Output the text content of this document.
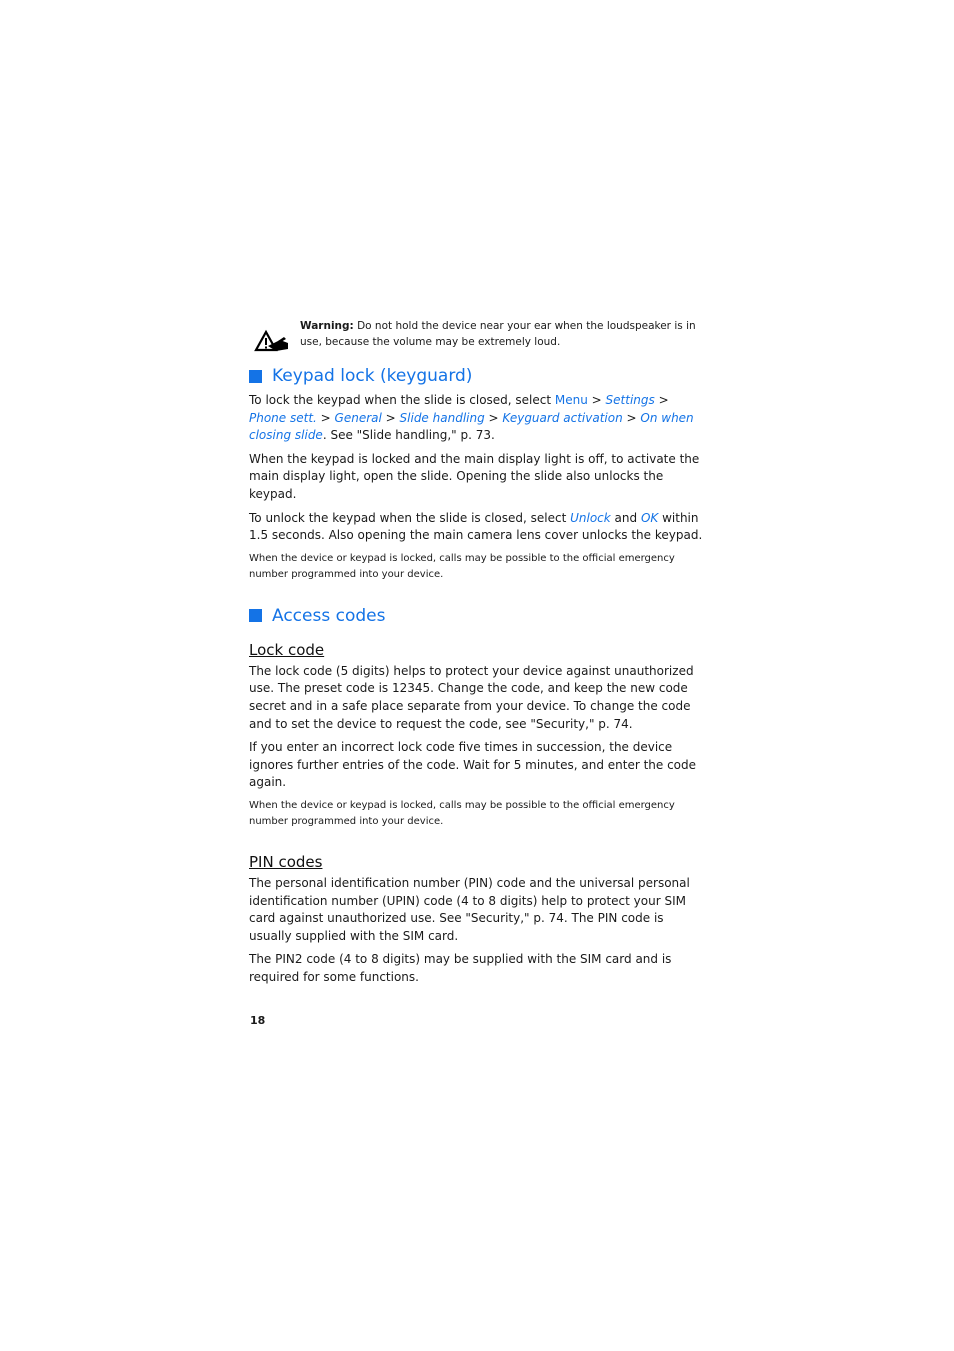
Warning: Do not hold the device near your ear when the loudspeaker is in use, because the volume may be extremely loud.
Keypad lock (keyguard)

To lock the keypad when the slide is closed, select Menu > Settings > Phone sett. > General > Slide handling > Keyguard activation > On when closing slide. See "Slide handling," p. 73.

When the keypad is locked and the main display light is off, to activate the main display light, open the slide. Opening the slide also unlocks the keypad.

To unlock the keypad when the slide is closed, select Unlock and OK within 1.5 seconds. Also opening the main camera lens cover unlocks the keypad.

When the device or keypad is locked, calls may be possible to the official emergency number programmed into your device.

Access codes
Lock code

The lock code (5 digits) helps to protect your device against unauthorized use. The preset code is 12345. Change the code, and keep the new code secret and in a safe place separate from your device. To change the code and to set the device to request the code, see "Security," p. 74.

If you enter an incorrect lock code five times in succession, the device ignores further entries of the code. Wait for 5 minutes, and enter the code again.

When the device or keypad is locked, calls may be possible to the official emergency number programmed into your device.

PIN codes

The personal identification number (PIN) code and the universal personal identification number (UPIN) code (4 to 8 digits) help to protect your SIM card against unauthorized use. See "Security," p. 74. The PIN code is usually supplied with the SIM card.

The PIN2 code (4 to 8 digits) may be supplied with the SIM card and is required for some functions.

18
